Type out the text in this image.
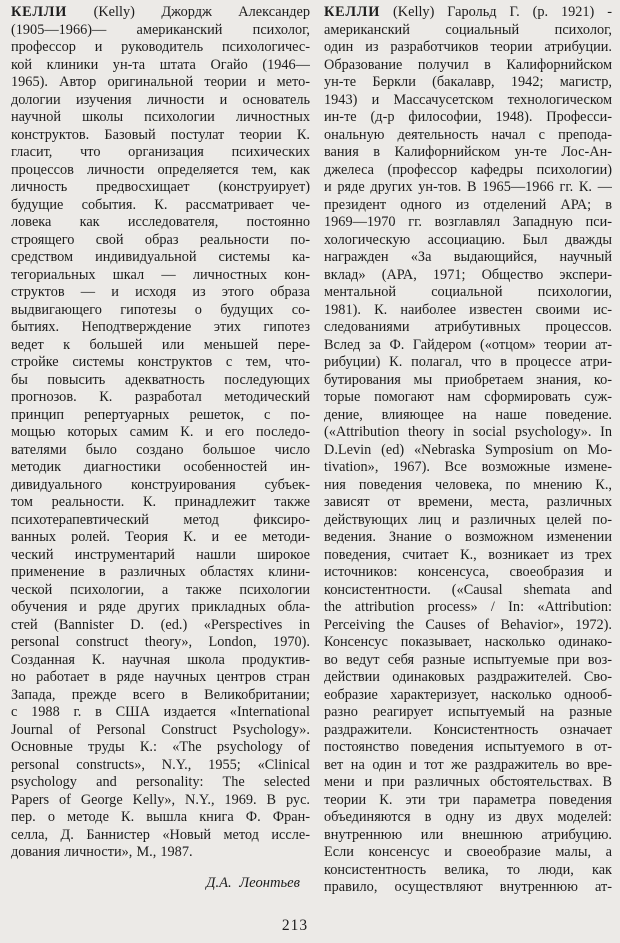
КЕЛЛИ (Kelly) Джордж Александер
(1905—1966)— американский психолог,
профессор и руководитель психологичес-
кой клиники ун-та штата Огайо (1946—
1965). Автор оригинальной теории и мето-
дологии изучения личности и основатель
научной школы психологии личностных
конструктов. Базовый постулат теории К.
гласит, что организация психических
процессов личности определяется тем, как
личность предвосхищает (конструирует)
будущие события. К. рассматривает че-
ловека как исследователя, постоянно
строящего свой образ реальности по-
средством индивидуальной системы ка-
тегориальных шкал — личностных кон-
структов — и исходя из этого образа
выдвигающего гипотезы о будущих со-
бытиях. Неподтверждение этих гипотез
ведет к большей или меньшей пере-
стройке системы конструктов с тем, что-
бы повысить адекватность последующих
прогнозов. К. разработал методический
принцип репертуарных решеток, с по-
мощью которых самим К. и его последо-
вателями было создано большое число
методик диагностики особенностей ин-
дивидуального конструирования субъек-
том реальности. К. принадлежит также
психотерапевтический метод фиксиро-
ванных ролей. Теория К. и ее методи-
ческий инструментарий нашли широкое
применение в различных областях клини-
ческой психологии, а также психологии
обучения и ряде других прикладных обла-
стей (Bannister D. (ed.) «Perspectives in
personal construct theory», London, 1970).
Созданная К. научная школа продуктив-
но работает в ряде научных центров стран
Запада, прежде всего в Великобритании;
с 1988 г. в США издается «International
Journal of Personal Construct Psychology».
Основные труды К.: «The psychology of
personal constructs», N.Y., 1955; «Clinical
psychology and personality: The selected
Papers of George Kelly», N.Y., 1969. В рус.
пер. о методе К. вышла книга Ф. Фран-
селла, Д. Баннистер «Новый метод иссле-
дования личности», М., 1987.
Д.А. Леонтьев
КЕЛЛИ (Kelly) Гарольд Г. (р. 1921) -
американский социальный психолог,
один из разработчиков теории атрибуции.
Образование получил в Калифорнийском
ун-те Беркли (бакалавр, 1942; магистр,
1943) и Массачусетском технологическом
ин-те (д-р философии, 1948). Професси-
ональную деятельность начал с препода-
вания в Калифорнийском ун-те Лос-Ан-
джелеса (профессор кафедры психологии)
и ряде других ун-тов. В 1965—1966 гг. К. —
президент одного из отделений АРА; в
1969—1970 гг. возглавлял Западную пси-
хологическую ассоциацию. Был дважды
награжден «За выдающийся, научный
вклад» (АРА, 1971; Общество экспери-
ментальной социальной психологии,
1981). К. наиболее известен своими ис-
следованиями атрибутивных процессов.
Вслед за Ф. Гайдером («отцом» теории ат-
рибуции) К. полагал, что в процессе атри-
бутирования мы приобретаем знания, ко-
торые помогают нам сформировать суж-
дение, влияющее на наше поведение.
(«Attribution theory in social psychology». In
D.Levin (ed) «Nebraska Symposium on Mo-
tivation», 1967). Все возможные измене-
ния поведения человека, по мнению К.,
зависят от времени, места, различных
действующих лиц и различных целей по-
ведения. Знание о возможном изменении
поведения, считает К., возникает из трех
источников: консенсуса, своеобразия и
консистентности. («Causal shemata and
the attribution process» / In: «Attribution:
Perceiving the Causes of Behavior», 1972).
Консенсус показывает, насколько одинако-
во ведут себя разные испытуемые при воз-
действии одинаковых раздражителей. Сво-
еобразие характеризует, насколько однооб-
разно реагирует испытуемый на разные
раздражители. Консистентность означает
постоянство поведения испытуемого в от-
вет на один и тот же раздражитель во вре-
мени и при различных обстоятельствах. В
теории К. эти три параметра поведения
объединяются в одну из двух моделей:
внутреннюю или внешнюю атрибуцию.
Если консенсус и своеобразие малы, а
консистентность велика, то люди, как
правило, осуществляют внутреннюю ат-
213
